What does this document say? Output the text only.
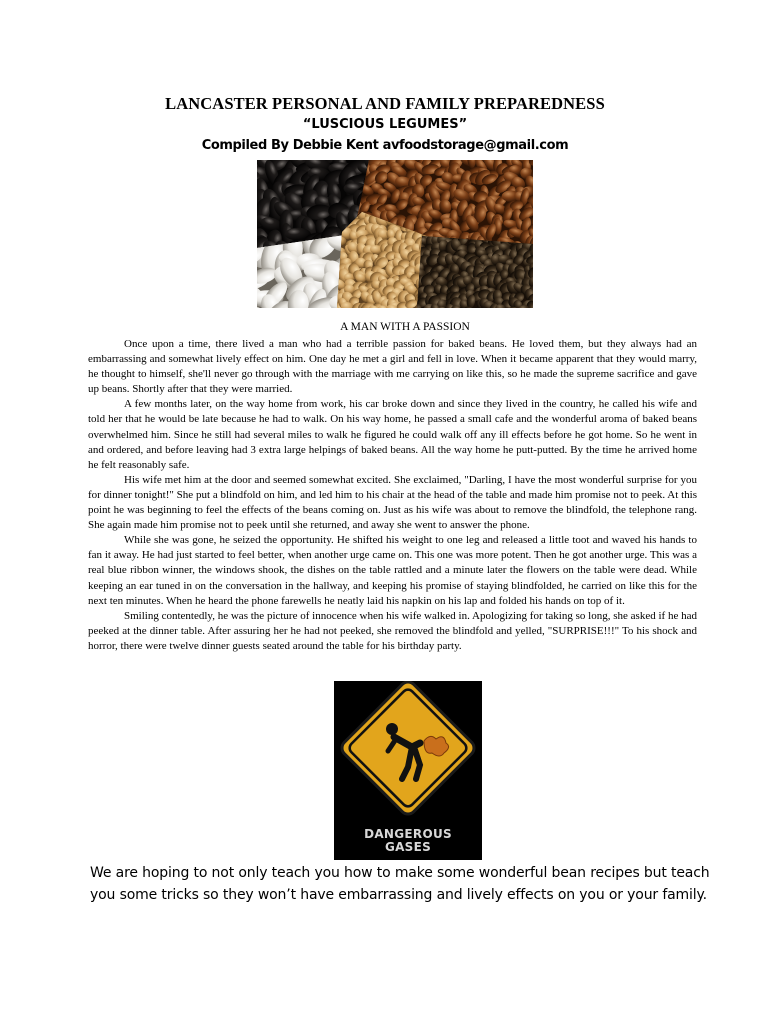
LANCASTER PERSONAL AND FAMILY PREPAREDNESS
“LUSCIOUS LEGUMES”
Compiled By Debbie Kent avfoodstorage@gmail.com
A MAN WITH A PASSION

Once upon a time, there lived a man who had a terrible passion for baked beans. He loved them, but they always had an embarrassing and somewhat lively effect on him. One day he met a girl and fell in love. When it became apparent that they would marry, he thought to himself, she'll never go through with the marriage with me carrying on like this, so he made the supreme sacrifice and gave up beans. Shortly after that they were married.

A few months later, on the way home from work, his car broke down and since they lived in the country, he called his wife and told her that he would be late because he had to walk. On his way home, he passed a small cafe and the wonderful aroma of baked beans overwhelmed him. Since he still had several miles to walk he figured he could walk off any ill effects before he got home. So he went in and ordered, and before leaving had 3 extra large helpings of baked beans. All the way home he putt-putted. By the time he arrived home he felt reasonably safe.

His wife met him at the door and seemed somewhat excited. She exclaimed, "Darling, I have the most wonderful surprise for you for dinner tonight!" She put a blindfold on him, and led him to his chair at the head of the table and made him promise not to peek. At this point he was beginning to feel the effects of the beans coming on. Just as his wife was about to remove the blindfold, the telephone rang. She again made him promise not to peek until she returned, and away she went to answer the phone.

While she was gone, he seized the opportunity. He shifted his weight to one leg and released a little toot and waved his hands to fan it away. He had just started to feel better, when another urge came on. This one was more potent. Then he got another urge. This was a real blue ribbon winner, the windows shook, the dishes on the table rattled and a minute later the flowers on the table were dead. While keeping an ear tuned in on the conversation in the hallway, and keeping his promise of staying blindfolded, he carried on like this for the next ten minutes. When he heard the phone farewells he neatly laid his napkin on his lap and folded his hands on top of it.

Smiling contentedly, he was the picture of innocence when his wife walked in. Apologizing for taking so long, she asked if he had peeked at the dinner table. After assuring her he had not peeked, she removed the blindfold and yelled, "SURPRISE!!!" To his shock and horror, there were twelve dinner guests seated around the table for his birthday party.

DANGEROUS
GASES
We are hoping to not only teach you how to make some wonderful bean recipes but teach you some tricks so they won’t have embarrassing and lively effects on you or your family.
